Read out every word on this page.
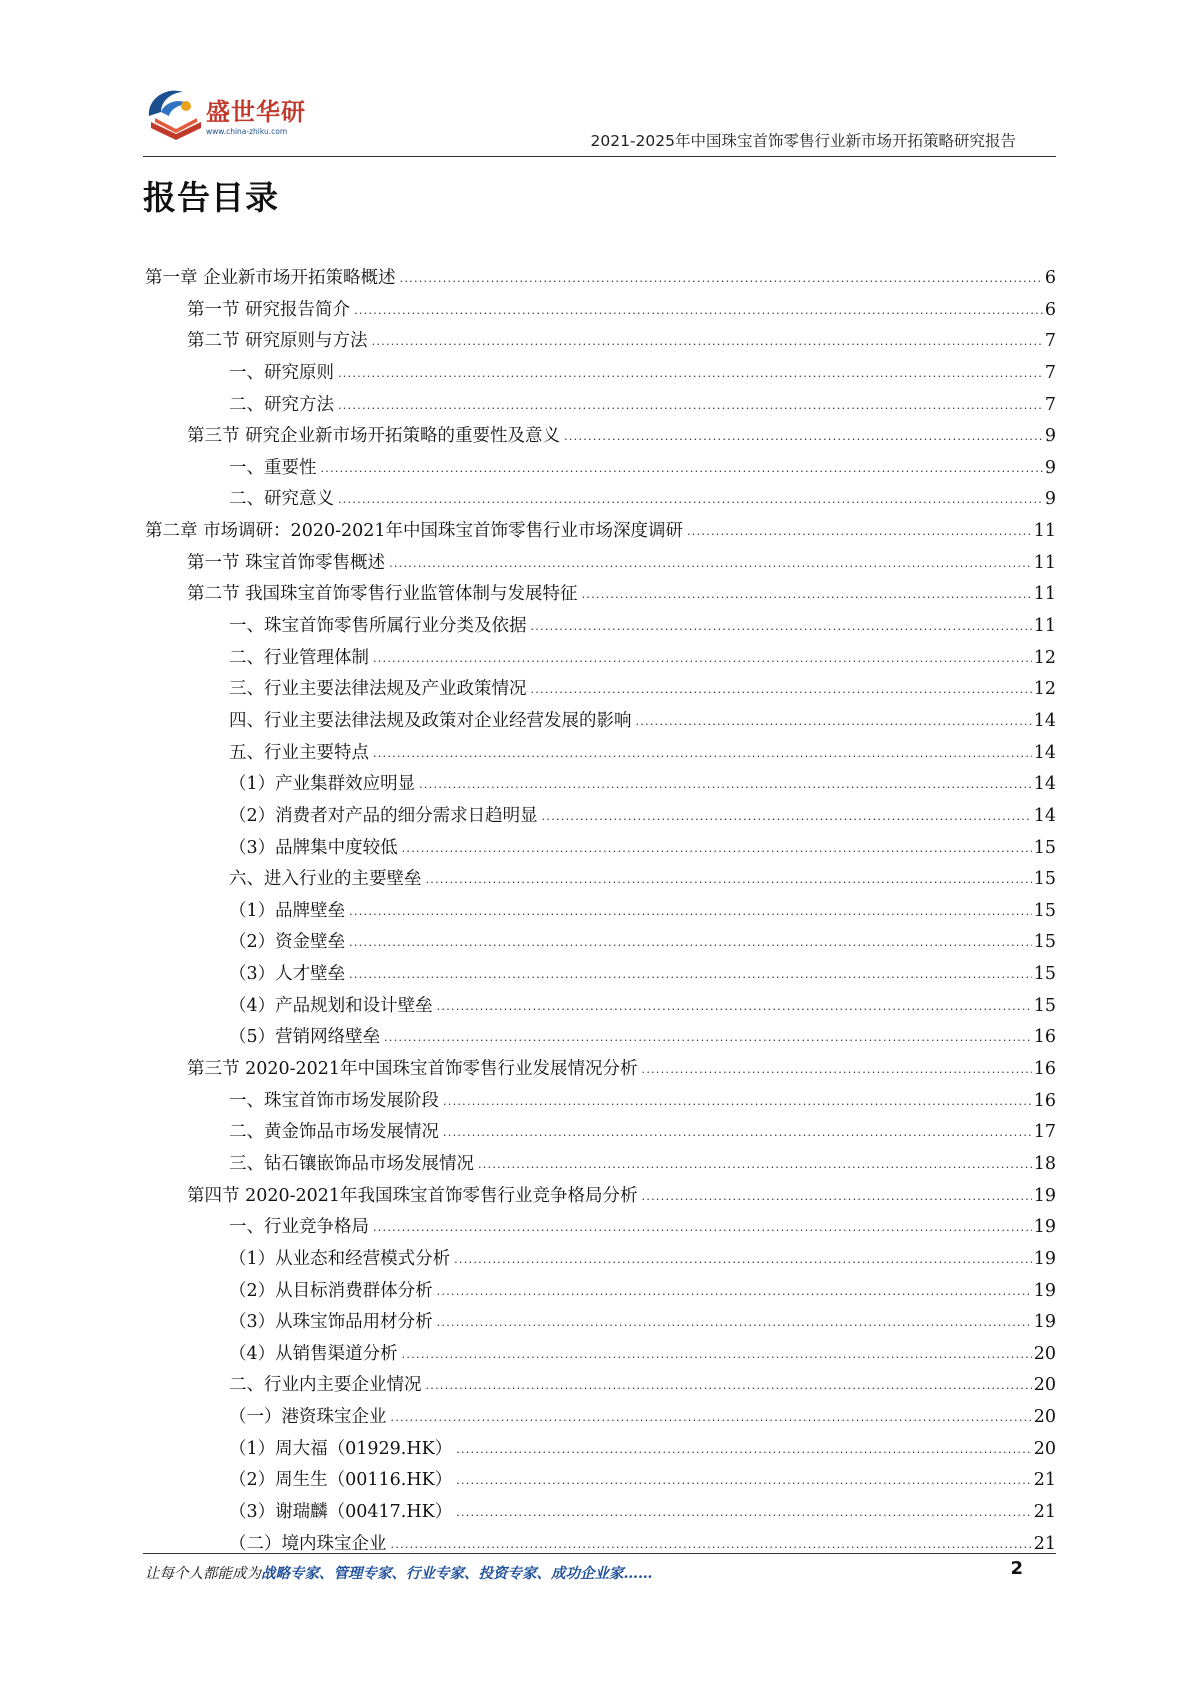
盛世华研
www.china-zhiku.com
2021-2025年中国珠宝首饰零售行业新市场开拓策略研究报告
报告目录
第一章 企业新市场开拓策略概述 .....	6
第一节 研究报告简介 .....	6
第二节 研究原则与方法 .....	7
一、研究原则 .....	7
二、研究方法 .....	7
第三节 研究企业新市场开拓策略的重要性及意义 .....	9
一、重要性 .....	9
二、研究意义 .....	9
第二章 市场调研：2020-2021年中国珠宝首饰零售行业市场深度调研 .....	11
第一节 珠宝首饰零售概述 .....	11
第二节 我国珠宝首饰零售行业监管体制与发展特征 .....	11
一、珠宝首饰零售所属行业分类及依据 .....	11
二、行业管理体制 .....	12
三、行业主要法律法规及产业政策情况 .....	12
四、行业主要法律法规及政策对企业经营发展的影响 .....	14
五、行业主要特点 .....	14
（1）产业集群效应明显 .....	14
（2）消费者对产品的细分需求日趋明显 .....	14
（3）品牌集中度较低 .....	15
六、进入行业的主要壁垒 .....	15
（1）品牌壁垒 .....	15
（2）资金壁垒 .....	15
（3）人才壁垒 .....	15
（4）产品规划和设计壁垒 .....	15
（5）营销网络壁垒 .....	16
第三节 2020-2021年中国珠宝首饰零售行业发展情况分析 .....	16
一、珠宝首饰市场发展阶段 .....	16
二、黄金饰品市场发展情况 .....	17
三、钻石镶嵌饰品市场发展情况 .....	18
第四节 2020-2021年我国珠宝首饰零售行业竞争格局分析 .....	19
一、行业竞争格局 .....	19
（1）从业态和经营模式分析 .....	19
（2）从目标消费群体分析 .....	19
（3）从珠宝饰品用材分析 .....	19
（4）从销售渠道分析 .....	20
二、行业内主要企业情况 .....	20
（一）港资珠宝企业 .....	20
（1）周大福（01929.HK） .....	20
（2）周生生（00116.HK） .....	21
（3）谢瑞麟（00417.HK） .....	21
（二）境内珠宝企业 .....	21
让每个人都能成为战略专家、管理专家、行业专家、投资专家、成功企业家……	2
